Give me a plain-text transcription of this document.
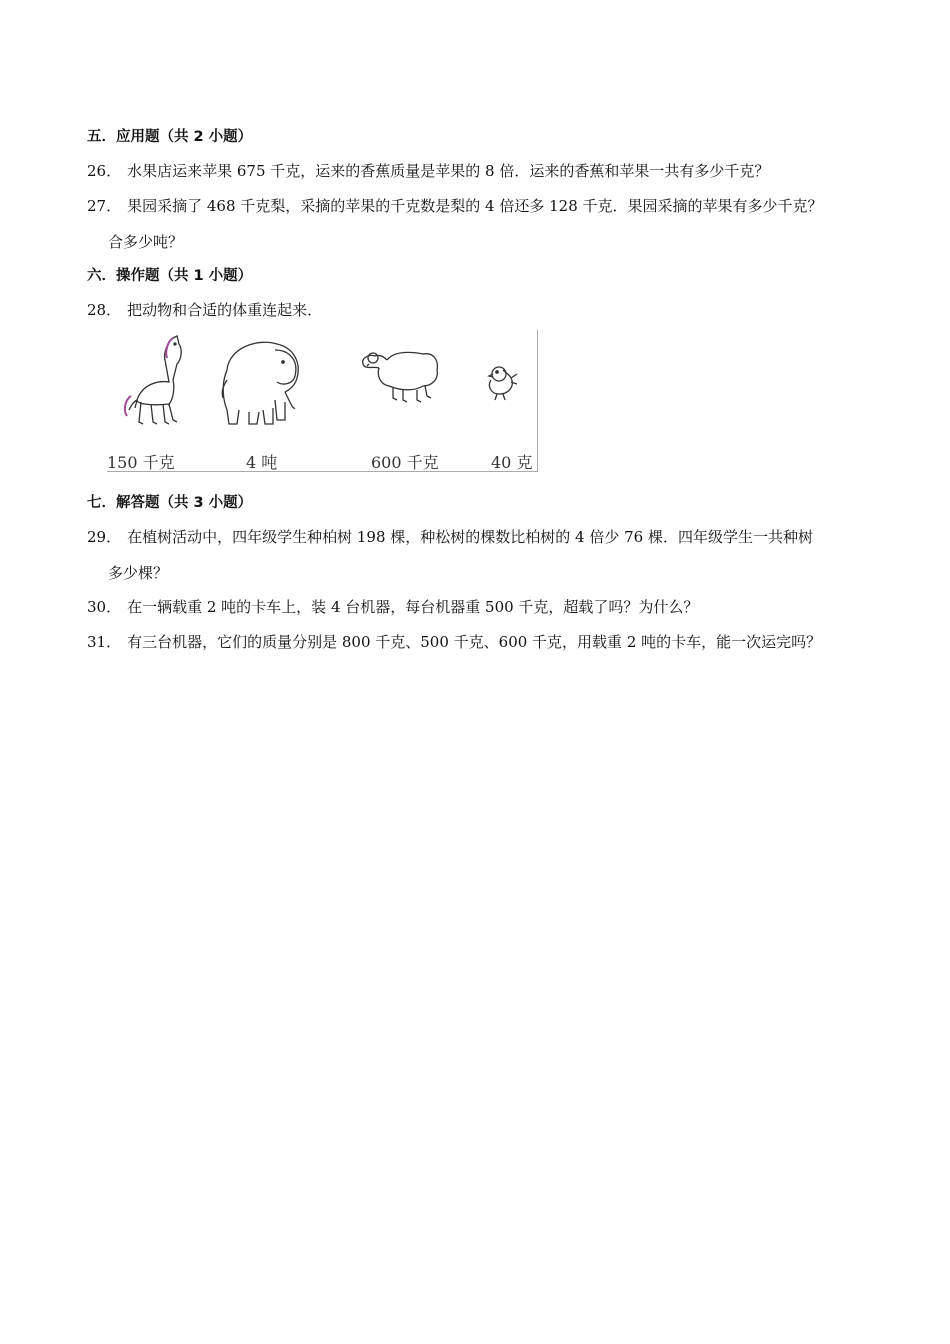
五．应用题（共 2 小题）
26． 水果店运来苹果 675 千克，运来的香蕉质量是苹果的 8 倍．运来的香蕉和苹果一共有多少千克？
27． 果园采摘了 468 千克梨，采摘的苹果的千克数是梨的 4 倍还多 128 千克．果园采摘的苹果有多少千克？
合多少吨？
六．操作题（共 1 小题）
28． 把动物和合适的体重连起来．
150 千克	4 吨	600 千克	40 克
七．解答题（共 3 小题）
29． 在植树活动中，四年级学生种柏树 198 棵，种松树的棵数比柏树的 4 倍少 76 棵．四年级学生一共种树
多少棵？
30． 在一辆载重 2 吨的卡车上，装 4 台机器，每台机器重 500 千克，超载了吗？为什么？
31． 有三台机器，它们的质量分别是 800 千克、500 千克、600 千克，用载重 2 吨的卡车，能一次运完吗？
